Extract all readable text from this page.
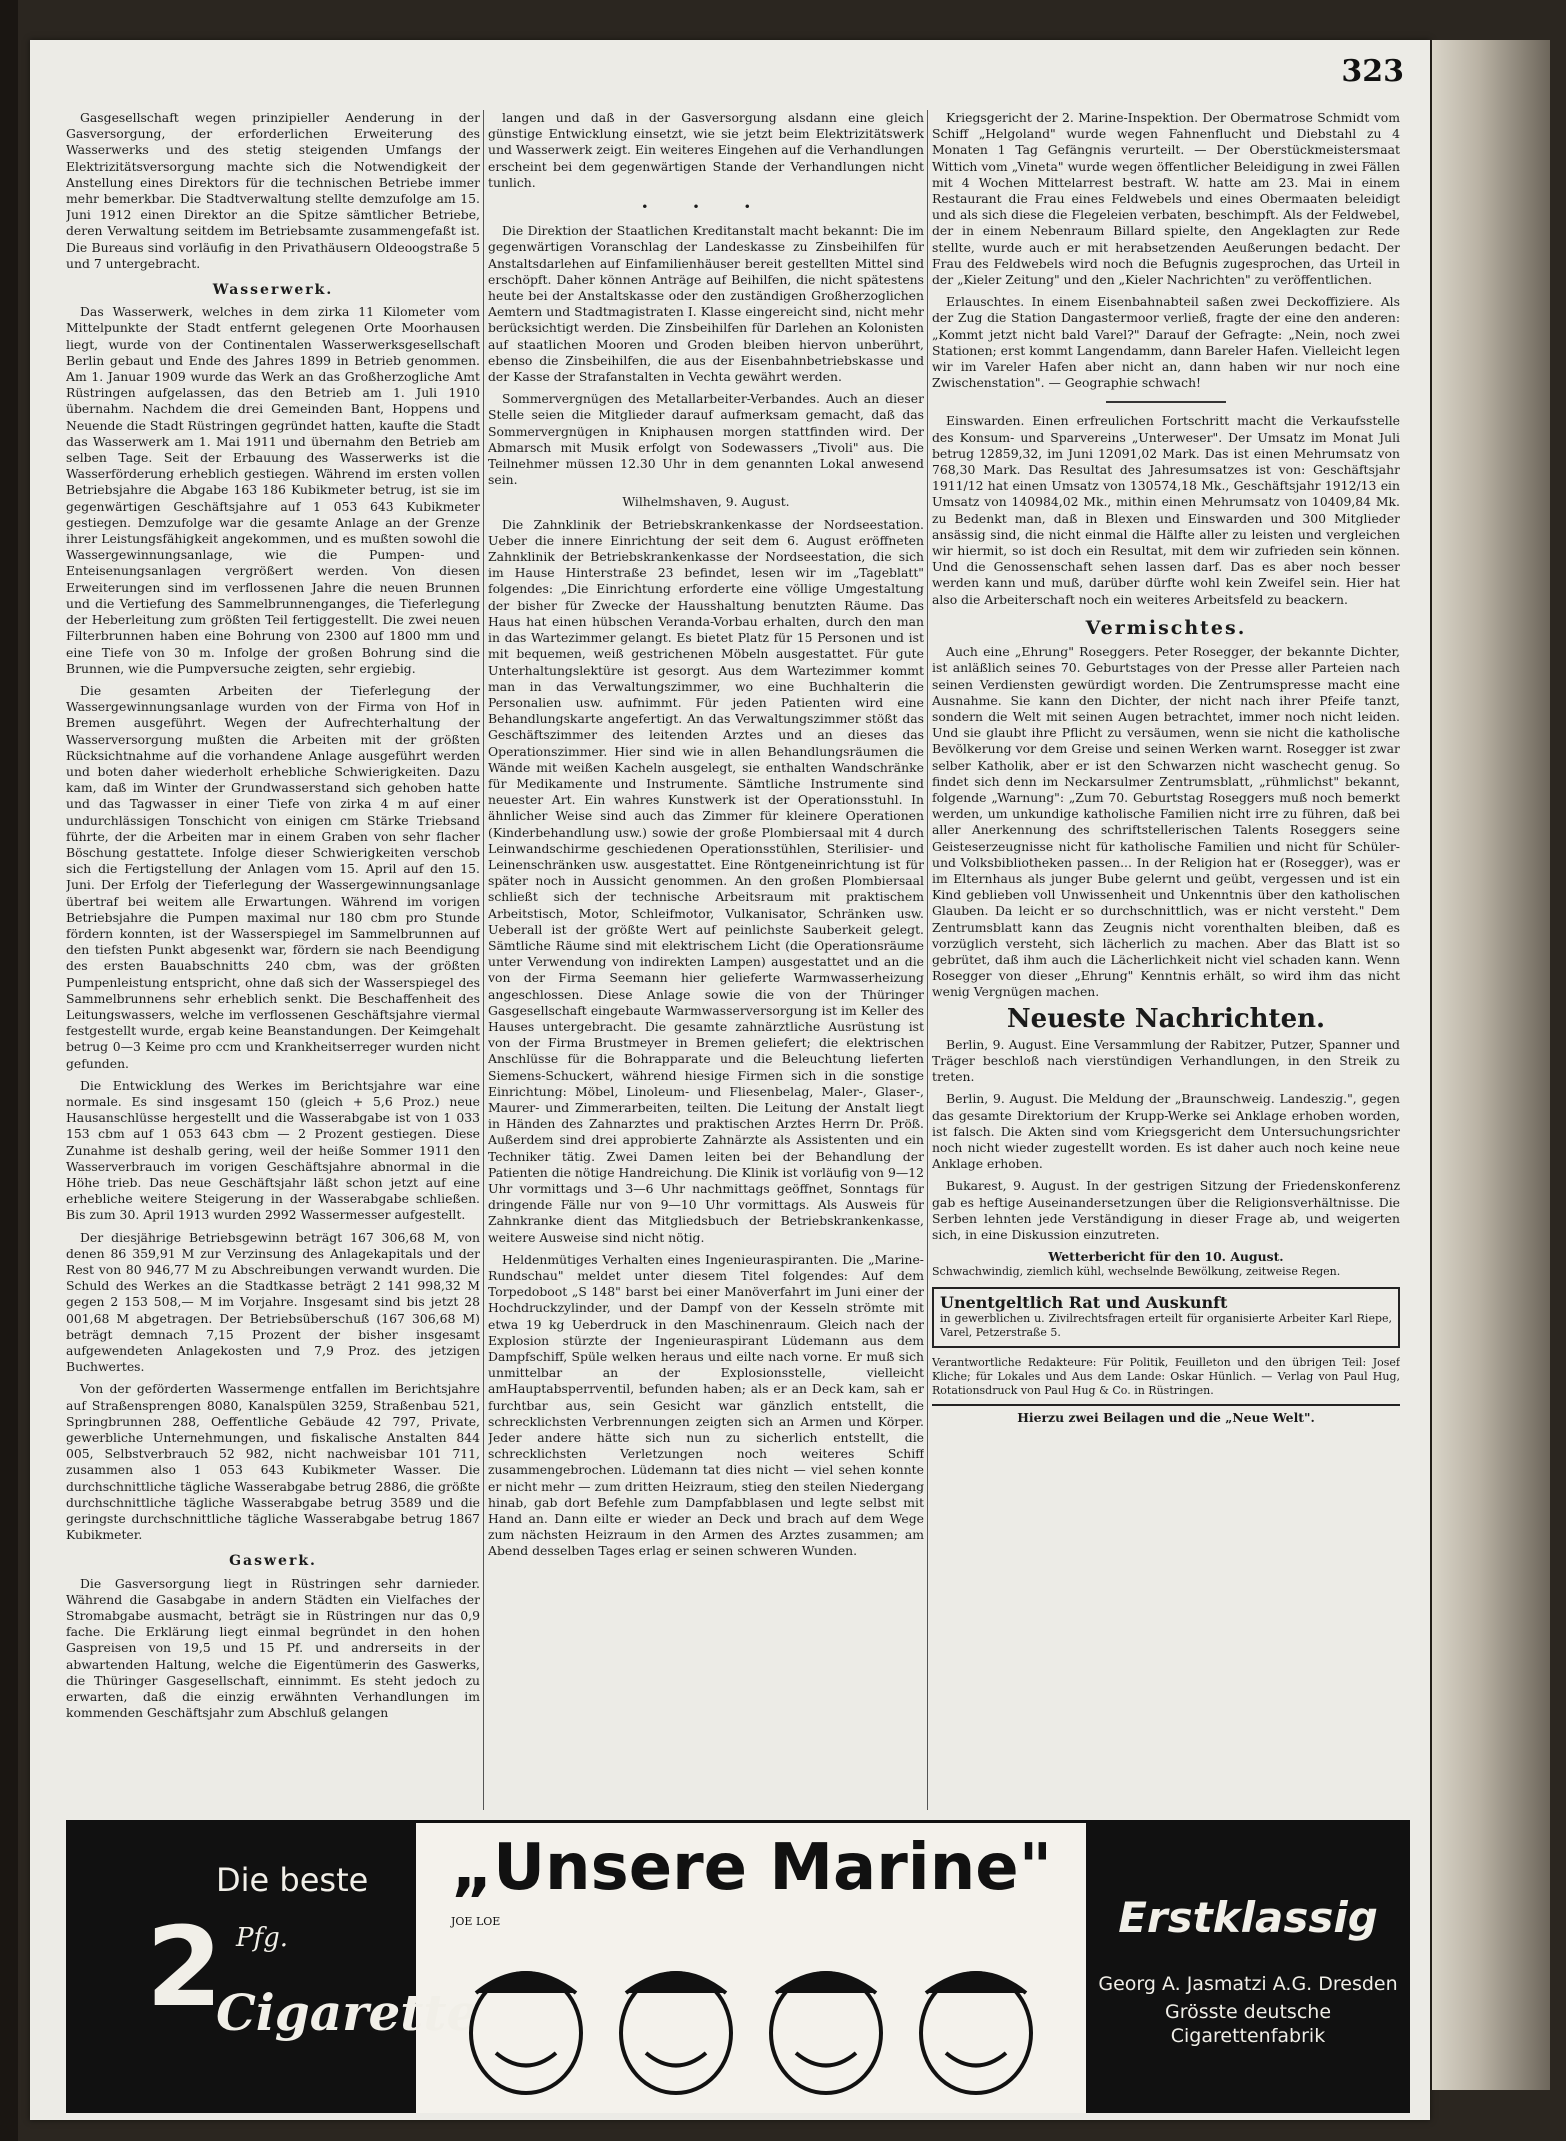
323

Gasgesellschaft wegen prinzipieller Aenderung in der Gasversorgung, der erforderlichen Erweiterung des Wasserwerks und des stetig steigenden Umfangs der Elektrizitätsversorgung machte sich die Notwendigkeit der Anstellung eines Direktors für die technischen Betriebe immer mehr bemerkbar. Die Stadtverwaltung stellte demzufolge am 15. Juni 1912 einen Direktor an die Spitze sämtlicher Betriebe, deren Verwaltung seitdem im Betriebsamte zusammengefaßt ist. Die Bureaus sind vorläufig in den Privathäusern Oldeoogstraße 5 und 7 untergebracht.

Wasserwerk.

Das Wasserwerk, welches in dem zirka 11 Kilometer vom Mittelpunkte der Stadt entfernt gelegenen Orte Moorhausen liegt, wurde von der Continentalen Wasserwerksgesellschaft Berlin gebaut und Ende des Jahres 1899 in Betrieb genommen. Am 1. Januar 1909 wurde das Werk an das Großherzogliche Amt Rüstringen aufgelassen, das den Betrieb am 1. Juli 1910 übernahm. Nachdem die drei Gemeinden Bant, Hoppens und Neuende die Stadt Rüstringen gegründet hatten, kaufte die Stadt das Wasserwerk am 1. Mai 1911 und übernahm den Betrieb am selben Tage. Seit der Erbauung des Wasserwerks ist die Wasserförderung erheblich gestiegen. Während im ersten vollen Betriebsjahre die Abgabe 163 186 Kubikmeter betrug, ist sie im gegenwärtigen Geschäftsjahre auf 1 053 643 Kubikmeter gestiegen. Demzufolge war die gesamte Anlage an der Grenze ihrer Leistungsfähigkeit angekommen, und es mußten sowohl die Wassergewinnungsanlage, wie die Pumpen- und Enteisenungsanlagen vergrößert werden. Von diesen Erweiterungen sind im verflossenen Jahre die neuen Brunnen und die Vertiefung des Sammelbrunnenganges, die Tieferlegung der Heberleitung zum größten Teil fertiggestellt. Die zwei neuen Filterbrunnen haben eine Bohrung von 2300 auf 1800 mm und eine Tiefe von 30 m. Infolge der großen Bohrung sind die Brunnen, wie die Pumpversuche zeigten, sehr ergiebig.

Die gesamten Arbeiten der Tieferlegung der Wassergewinnungsanlage wurden von der Firma von Hof in Bremen ausgeführt. Wegen der Aufrechterhaltung der Wasserversorgung mußten die Arbeiten mit der größten Rücksichtnahme auf die vorhandene Anlage ausgeführt werden und boten daher wiederholt erhebliche Schwierigkeiten. Dazu kam, daß im Winter der Grundwasserstand sich gehoben hatte und das Tagwasser in einer Tiefe von zirka 4 m auf einer undurchlässigen Tonschicht von einigen cm Stärke Triebsand führte, der die Arbeiten mar in einem Graben von sehr flacher Böschung gestattete. Infolge dieser Schwierigkeiten verschob sich die Fertigstellung der Anlagen vom 15. April auf den 15. Juni. Der Erfolg der Tieferlegung der Wassergewinnungsanlage übertraf bei weitem alle Erwartungen. Während im vorigen Betriebsjahre die Pumpen maximal nur 180 cbm pro Stunde fördern konnten, ist der Wasserspiegel im Sammelbrunnen auf den tiefsten Punkt abgesenkt war, fördern sie nach Beendigung des ersten Bauabschnitts 240 cbm, was der größten Pumpenleistung entspricht, ohne daß sich der Wasserspiegel des Sammelbrunnens sehr erheblich senkt. Die Beschaffenheit des Leitungswassers, welche im verflossenen Geschäftsjahre viermal festgestellt wurde, ergab keine Beanstandungen. Der Keimgehalt betrug 0—3 Keime pro ccm und Krankheitserreger wurden nicht gefunden.

Die Entwicklung des Werkes im Berichtsjahre war eine normale. Es sind insgesamt 150 (gleich + 5,6 Proz.) neue Hausanschlüsse hergestellt und die Wasserabgabe ist von 1 033 153 cbm auf 1 053 643 cbm — 2 Prozent gestiegen. Diese Zunahme ist deshalb gering, weil der heiße Sommer 1911 den Wasserverbrauch im vorigen Geschäftsjahre abnormal in die Höhe trieb. Das neue Geschäftsjahr läßt schon jetzt auf eine erhebliche weitere Steigerung in der Wasserabgabe schließen. Bis zum 30. April 1913 wurden 2992 Wassermesser aufgestellt.

Der diesjährige Betriebsgewinn beträgt 167 306,68 M, von denen 86 359,91 M zur Verzinsung des Anlagekapitals und der Rest von 80 946,77 M zu Abschreibungen verwandt wurden. Die Schuld des Werkes an die Stadtkasse beträgt 2 141 998,32 M gegen 2 153 508,— M im Vorjahre. Insgesamt sind bis jetzt 28 001,68 M abgetragen. Der Betriebsüberschuß (167 306,68 M) beträgt demnach 7,15 Prozent der bisher insgesamt aufgewendeten Anlagekosten und 7,9 Proz. des jetzigen Buchwertes.

Von der geförderten Wassermenge entfallen im Berichtsjahre auf Straßensprengen 8080, Kanalspülen 3259, Straßenbau 521, Springbrunnen 288, Oeffentliche Gebäude 42 797, Private, gewerbliche Unternehmungen, und fiskalische Anstalten 844 005, Selbstverbrauch 52 982, nicht nachweisbar 101 711, zusammen also 1 053 643 Kubikmeter Wasser. Die durchschnittliche tägliche Wasserabgabe betrug 2886, die größte durchschnittliche tägliche Wasserabgabe betrug 3589 und die geringste durchschnittliche tägliche Wasserabgabe betrug 1867 Kubikmeter.

Gaswerk.

Die Gasversorgung liegt in Rüstringen sehr darnieder. Während die Gasabgabe in andern Städten ein Vielfaches der Stromabgabe ausmacht, beträgt sie in Rüstringen nur das 0,9 fache. Die Erklärung liegt einmal begründet in den hohen Gaspreisen von 19,5 und 15 Pf. und andrerseits in der abwartenden Haltung, welche die Eigentümerin des Gaswerks, die Thüringer Gasgesellschaft, einnimmt. Es steht jedoch zu erwarten, daß die einzig erwähnten Verhandlungen im kommenden Geschäftsjahr zum Abschluß gelangen

langen und daß in der Gasversorgung alsdann eine gleich günstige Entwicklung einsetzt, wie sie jetzt beim Elektrizitätswerk und Wasserwerk zeigt. Ein weiteres Eingehen auf die Verhandlungen erscheint bei dem gegenwärtigen Stande der Verhandlungen nicht tunlich.

• • •

Die Direktion der Staatlichen Kreditanstalt macht bekannt: Die im gegenwärtigen Voranschlag der Landeskasse zu Zinsbeihilfen für Anstaltsdarlehen auf Einfamilienhäuser bereit gestellten Mittel sind erschöpft. Daher können Anträge auf Beihilfen, die nicht spätestens heute bei der Anstaltskasse oder den zuständigen Großherzoglichen Aemtern und Stadtmagistraten I. Klasse eingereicht sind, nicht mehr berücksichtigt werden. Die Zinsbeihilfen für Darlehen an Kolonisten auf staatlichen Mooren und Groden bleiben hiervon unberührt, ebenso die Zinsbeihilfen, die aus der Eisenbahnbetriebskasse und der Kasse der Strafanstalten in Vechta gewährt werden.

Sommervergnügen des Metallarbeiter-Verbandes. Auch an dieser Stelle seien die Mitglieder darauf aufmerksam gemacht, daß das Sommervergnügen in Kniphausen morgen stattfinden wird. Der Abmarsch mit Musik erfolgt von Sodewassers „Tivoli" aus. Die Teilnehmer müssen 12.30 Uhr in dem genannten Lokal anwesend sein.

Wilhelmshaven, 9. August.

Die Zahnklinik der Betriebskrankenkasse der Nordseestation. Ueber die innere Einrichtung der seit dem 6. August eröffneten Zahnklinik der Betriebskrankenkasse der Nordseestation, die sich im Hause Hinterstraße 23 befindet, lesen wir im „Tageblatt" folgendes: „Die Einrichtung erforderte eine völlige Umgestaltung der bisher für Zwecke der Hausshaltung benutzten Räume. Das Haus hat einen hübschen Veranda-Vorbau erhalten, durch den man in das Wartezimmer gelangt. Es bietet Platz für 15 Personen und ist mit bequemen, weiß gestrichenen Möbeln ausgestattet. Für gute Unterhaltungslektüre ist gesorgt. Aus dem Wartezimmer kommt man in das Verwaltungszimmer, wo eine Buchhalterin die Personalien usw. aufnimmt. Für jeden Patienten wird eine Behandlungskarte angefertigt. An das Verwaltungszimmer stößt das Geschäftszimmer des leitenden Arztes und an dieses das Operationszimmer. Hier sind wie in allen Behandlungsräumen die Wände mit weißen Kacheln ausgelegt, sie enthalten Wandschränke für Medikamente und Instrumente. Sämtliche Instrumente sind neuester Art. Ein wahres Kunstwerk ist der Operationsstuhl. In ähnlicher Weise sind auch das Zimmer für kleinere Operationen (Kinderbehandlung usw.) sowie der große Plombiersaal mit 4 durch Leinwandschirme geschiedenen Operationsstühlen, Sterilisier- und Leinenschränken usw. ausgestattet. Eine Röntgeneinrichtung ist für später noch in Aussicht genommen. An den großen Plombiersaal schließt sich der technische Arbeitsraum mit praktischem Arbeitstisch, Motor, Schleifmotor, Vulkanisator, Schränken usw. Ueberall ist der größte Wert auf peinlichste Sauberkeit gelegt. Sämtliche Räume sind mit elektrischem Licht (die Operationsräume unter Verwendung von indirekten Lampen) ausgestattet und an die von der Firma Seemann hier gelieferte Warmwasserheizung angeschlossen. Diese Anlage sowie die von der Thüringer Gasgesellschaft eingebaute Warmwasserversorgung ist im Keller des Hauses untergebracht. Die gesamte zahnärztliche Ausrüstung ist von der Firma Brustmeyer in Bremen geliefert; die elektrischen Anschlüsse für die Bohrapparate und die Beleuchtung lieferten Siemens-Schuckert, während hiesige Firmen sich in die sonstige Einrichtung: Möbel, Linoleum- und Fliesenbelag, Maler-, Glaser-, Maurer- und Zimmerarbeiten, teilten. Die Leitung der Anstalt liegt in Händen des Zahnarztes und praktischen Arztes Herrn Dr. Pröß. Außerdem sind drei approbierte Zahnärzte als Assistenten und ein Techniker tätig. Zwei Damen leiten bei der Behandlung der Patienten die nötige Handreichung. Die Klinik ist vorläufig von 9—12 Uhr vormittags und 3—6 Uhr nachmittags geöffnet, Sonntags für dringende Fälle nur von 9—10 Uhr vormittags. Als Ausweis für Zahnkranke dient das Mitgliedsbuch der Betriebskrankenkasse, weitere Ausweise sind nicht nötig.

Heldenmütiges Verhalten eines Ingenieuraspiranten. Die „Marine-Rundschau" meldet unter diesem Titel folgendes: Auf dem Torpedoboot „S 148" barst bei einer Manöverfahrt im Juni einer der Hochdruckzylinder, und der Dampf von der Kesseln strömte mit etwa 19 kg Ueberdruck in den Maschinenraum. Gleich nach der Explosion stürzte der Ingenieuraspirant Lüdemann aus dem Dampfschiff, Spüle welken heraus und eilte nach vorne. Er muß sich unmittelbar an der Explosionsstelle, vielleicht amHauptabsperrventil, befunden haben; als er an Deck kam, sah er furchtbar aus, sein Gesicht war gänzlich entstellt, die schrecklichsten Verbrennungen zeigten sich an Armen und Körper. Jeder andere hätte sich nun zu sicherlich entstellt, die schrecklichsten Verletzungen noch weiteres Schiff zusammengebrochen. Lüdemann tat dies nicht — viel sehen konnte er nicht mehr — zum dritten Heizraum, stieg den steilen Niedergang hinab, gab dort Befehle zum Dampfabblasen und legte selbst mit Hand an. Dann eilte er wieder an Deck und brach auf dem Wege zum nächsten Heizraum in den Armen des Arztes zusammen; am Abend desselben Tages erlag er seinen schweren Wunden.

Kriegsgericht der 2. Marine-Inspektion. Der Obermatrose Schmidt vom Schiff „Helgoland" wurde wegen Fahnenflucht und Diebstahl zu 4 Monaten 1 Tag Gefängnis verurteilt. — Der Oberstückmeistersmaat Wittich vom „Vineta" wurde wegen öffentlicher Beleidigung in zwei Fällen mit 4 Wochen Mittelarrest bestraft. W. hatte am 23. Mai in einem Restaurant die Frau eines Feldwebels und eines Obermaaten beleidigt und als sich diese die Flegeleien verbaten, beschimpft. Als der Feldwebel, der in einem Nebenraum Billard spielte, den Angeklagten zur Rede stellte, wurde auch er mit herabsetzenden Aeußerungen bedacht. Der Frau des Feldwebels wird noch die Befugnis zugesprochen, das Urteil in der „Kieler Zeitung" und den „Kieler Nachrichten" zu veröffentlichen.

Erlauschtes. In einem Eisenbahnabteil saßen zwei Deckoffiziere. Als der Zug die Station Dangastermoor verließ, fragte der eine den anderen: „Kommt jetzt nicht bald Varel?" Darauf der Gefragte: „Nein, noch zwei Stationen; erst kommt Langendamm, dann Bareler Hafen. Vielleicht legen wir im Vareler Hafen aber nicht an, dann haben wir nur noch eine Zwischenstation". — Geographie schwach!

Einswarden. Einen erfreulichen Fortschritt macht die Verkaufsstelle des Konsum- und Sparvereins „Unterweser". Der Umsatz im Monat Juli betrug 12859,32, im Juni 12091,02 Mark. Das ist einen Mehrumsatz von 768,30 Mark. Das Resultat des Jahresumsatzes ist von: Geschäftsjahr 1911/12 hat einen Umsatz von 130574,18 Mk., Geschäftsjahr 1912/13 ein Umsatz von 140984,02 Mk., mithin einen Mehrumsatz von 10409,84 Mk. zu Bedenkt man, daß in Blexen und Einswarden und 300 Mitglieder ansässig sind, die nicht einmal die Hälfte aller zu leisten und vergleichen wir hiermit, so ist doch ein Resultat, mit dem wir zufrieden sein können. Und die Genossenschaft sehen lassen darf. Das es aber noch besser werden kann und muß, darüber dürfte wohl kein Zweifel sein. Hier hat also die Arbeiterschaft noch ein weiteres Arbeitsfeld zu beackern.

Vermischtes.

Auch eine „Ehrung" Roseggers. Peter Rosegger, der bekannte Dichter, ist anläßlich seines 70. Geburtstages von der Presse aller Parteien nach seinen Verdiensten gewürdigt worden. Die Zentrumspresse macht eine Ausnahme. Sie kann den Dichter, der nicht nach ihrer Pfeife tanzt, sondern die Welt mit seinen Augen betrachtet, immer noch nicht leiden. Und sie glaubt ihre Pflicht zu versäumen, wenn sie nicht die katholische Bevölkerung vor dem Greise und seinen Werken warnt. Rosegger ist zwar selber Katholik, aber er ist den Schwarzen nicht waschecht genug. So findet sich denn im Neckarsulmer Zentrumsblatt, „rühmlichst" bekannt, folgende „Warnung": „Zum 70. Geburtstag Roseggers muß noch bemerkt werden, um unkundige katholische Familien nicht irre zu führen, daß bei aller Anerkennung des schriftstellerischen Talents Roseggers seine Geisteserzeugnisse nicht für katholische Familien und nicht für Schüler- und Volksbibliotheken passen... In der Religion hat er (Rosegger), was er im Elternhaus als junger Bube gelernt und geübt, vergessen und ist ein Kind geblieben voll Unwissenheit und Unkenntnis über den katholischen Glauben. Da leicht er so durchschnittlich, was er nicht versteht." Dem Zentrumsblatt kann das Zeugnis nicht vorenthalten bleiben, daß es vorzüglich versteht, sich lächerlich zu machen. Aber das Blatt ist so gebrütet, daß ihm auch die Lächerlichkeit nicht viel schaden kann. Wenn Rosegger von dieser „Ehrung" Kenntnis erhält, so wird ihm das nicht wenig Vergnügen machen.

Neueste Nachrichten.

Berlin, 9. August. Eine Versammlung der Rabitzer, Putzer, Spanner und Träger beschloß nach vierstündigen Verhandlungen, in den Streik zu treten.

Berlin, 9. August. Die Meldung der „Braunschweig. Landeszig.", gegen das gesamte Direktorium der Krupp-Werke sei Anklage erhoben worden, ist falsch. Die Akten sind vom Kriegsgericht dem Untersuchungsrichter noch nicht wieder zugestellt worden. Es ist daher auch noch keine neue Anklage erhoben.

Bukarest, 9. August. In der gestrigen Sitzung der Friedenskonferenz gab es heftige Auseinandersetzungen über die Religionsverhältnisse. Die Serben lehnten jede Verständigung in dieser Frage ab, und weigerten sich, in eine Diskussion einzutreten.

Wetterbericht für den 10. August.
Schwachwindig, ziemlich kühl, wechselnde Bewölkung, zeitweise Regen.
Unentgeltlich Rat und Auskunft
in gewerblichen u. Zivilrechtsfragen erteilt für organisierte Arbeiter Karl Riepe, Varel, Petzerstraße 5.
Verantwortliche Redakteure: Für Politik, Feuilleton und den übrigen Teil: Josef Kliche; für Lokales und Aus dem Lande: Oskar Hünlich. — Verlag von Paul Hug, Rotationsdruck von Paul Hug & Co. in Rüstringen.
Hierzu zwei Beilagen und die „Neue Welt".
Die beste
2 Pfg.
Cigarette
„Unsere Marine"
JOE LOE	Erstklassig
Georg A. Jasmatzi A.G. Dresden
Grösste deutsche
Cigarettenfabrik
